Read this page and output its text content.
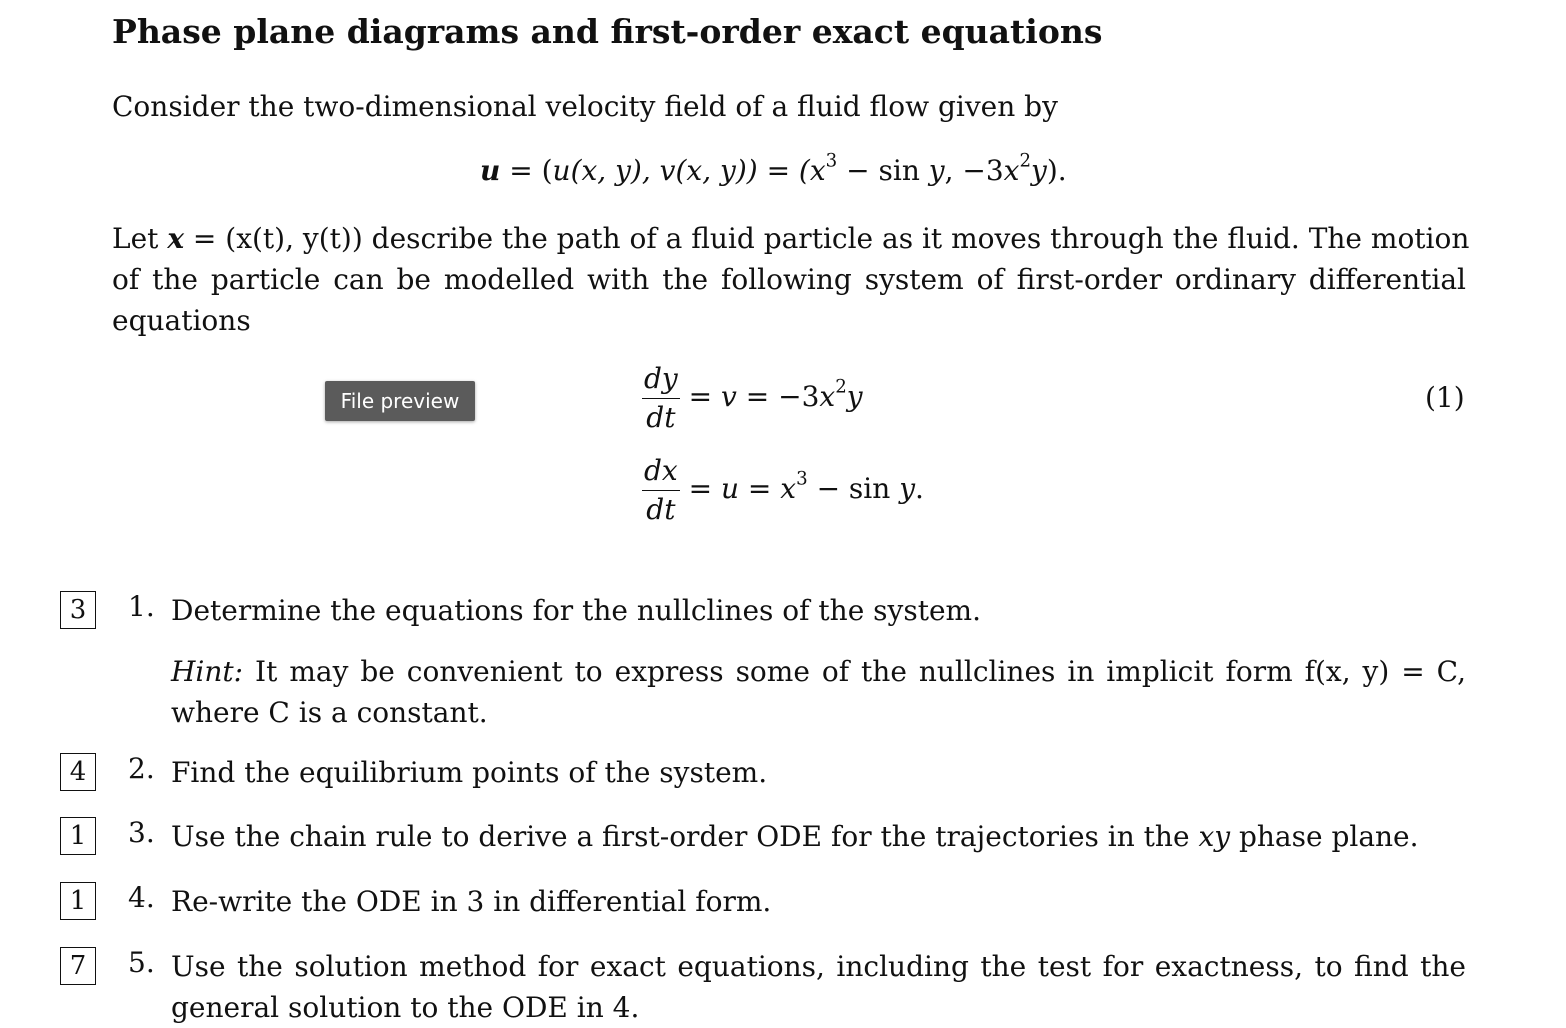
Phase plane diagrams and first-order exact equations
Consider the two-dimensional velocity field of a fluid flow given by
u = (u(x, y), v(x, $y)) = (x^3 - \sin y$, $-3x^2y$).
Let x = (x(t), y(t)) describe the path of a fluid particle as it moves through the fluid. The motion
of the particle can be modelled with the following system of first-order ordinary differential
equations
File preview	$\frac{dy}{dt} = v = -3x^2y$	(1)
$\frac{dx}{dt} = u = x^3 - \sin y$.
3	1. Determine the equations for the nullclines of the system.
Hint: It may be convenient to express some of the nullclines in implicit form f(x, y) = C,
where C is a constant.
4	2. Find the equilibrium points of the system.
1	3. Use the chain rule to derive a first-order ODE for the trajectories in the xy phase plane.
1	4. Re-write the ODE in 3 in differential form.
7	5. Use the solution method for exact equations, including the test for exactness, to find the
general solution to the ODE in 4.
